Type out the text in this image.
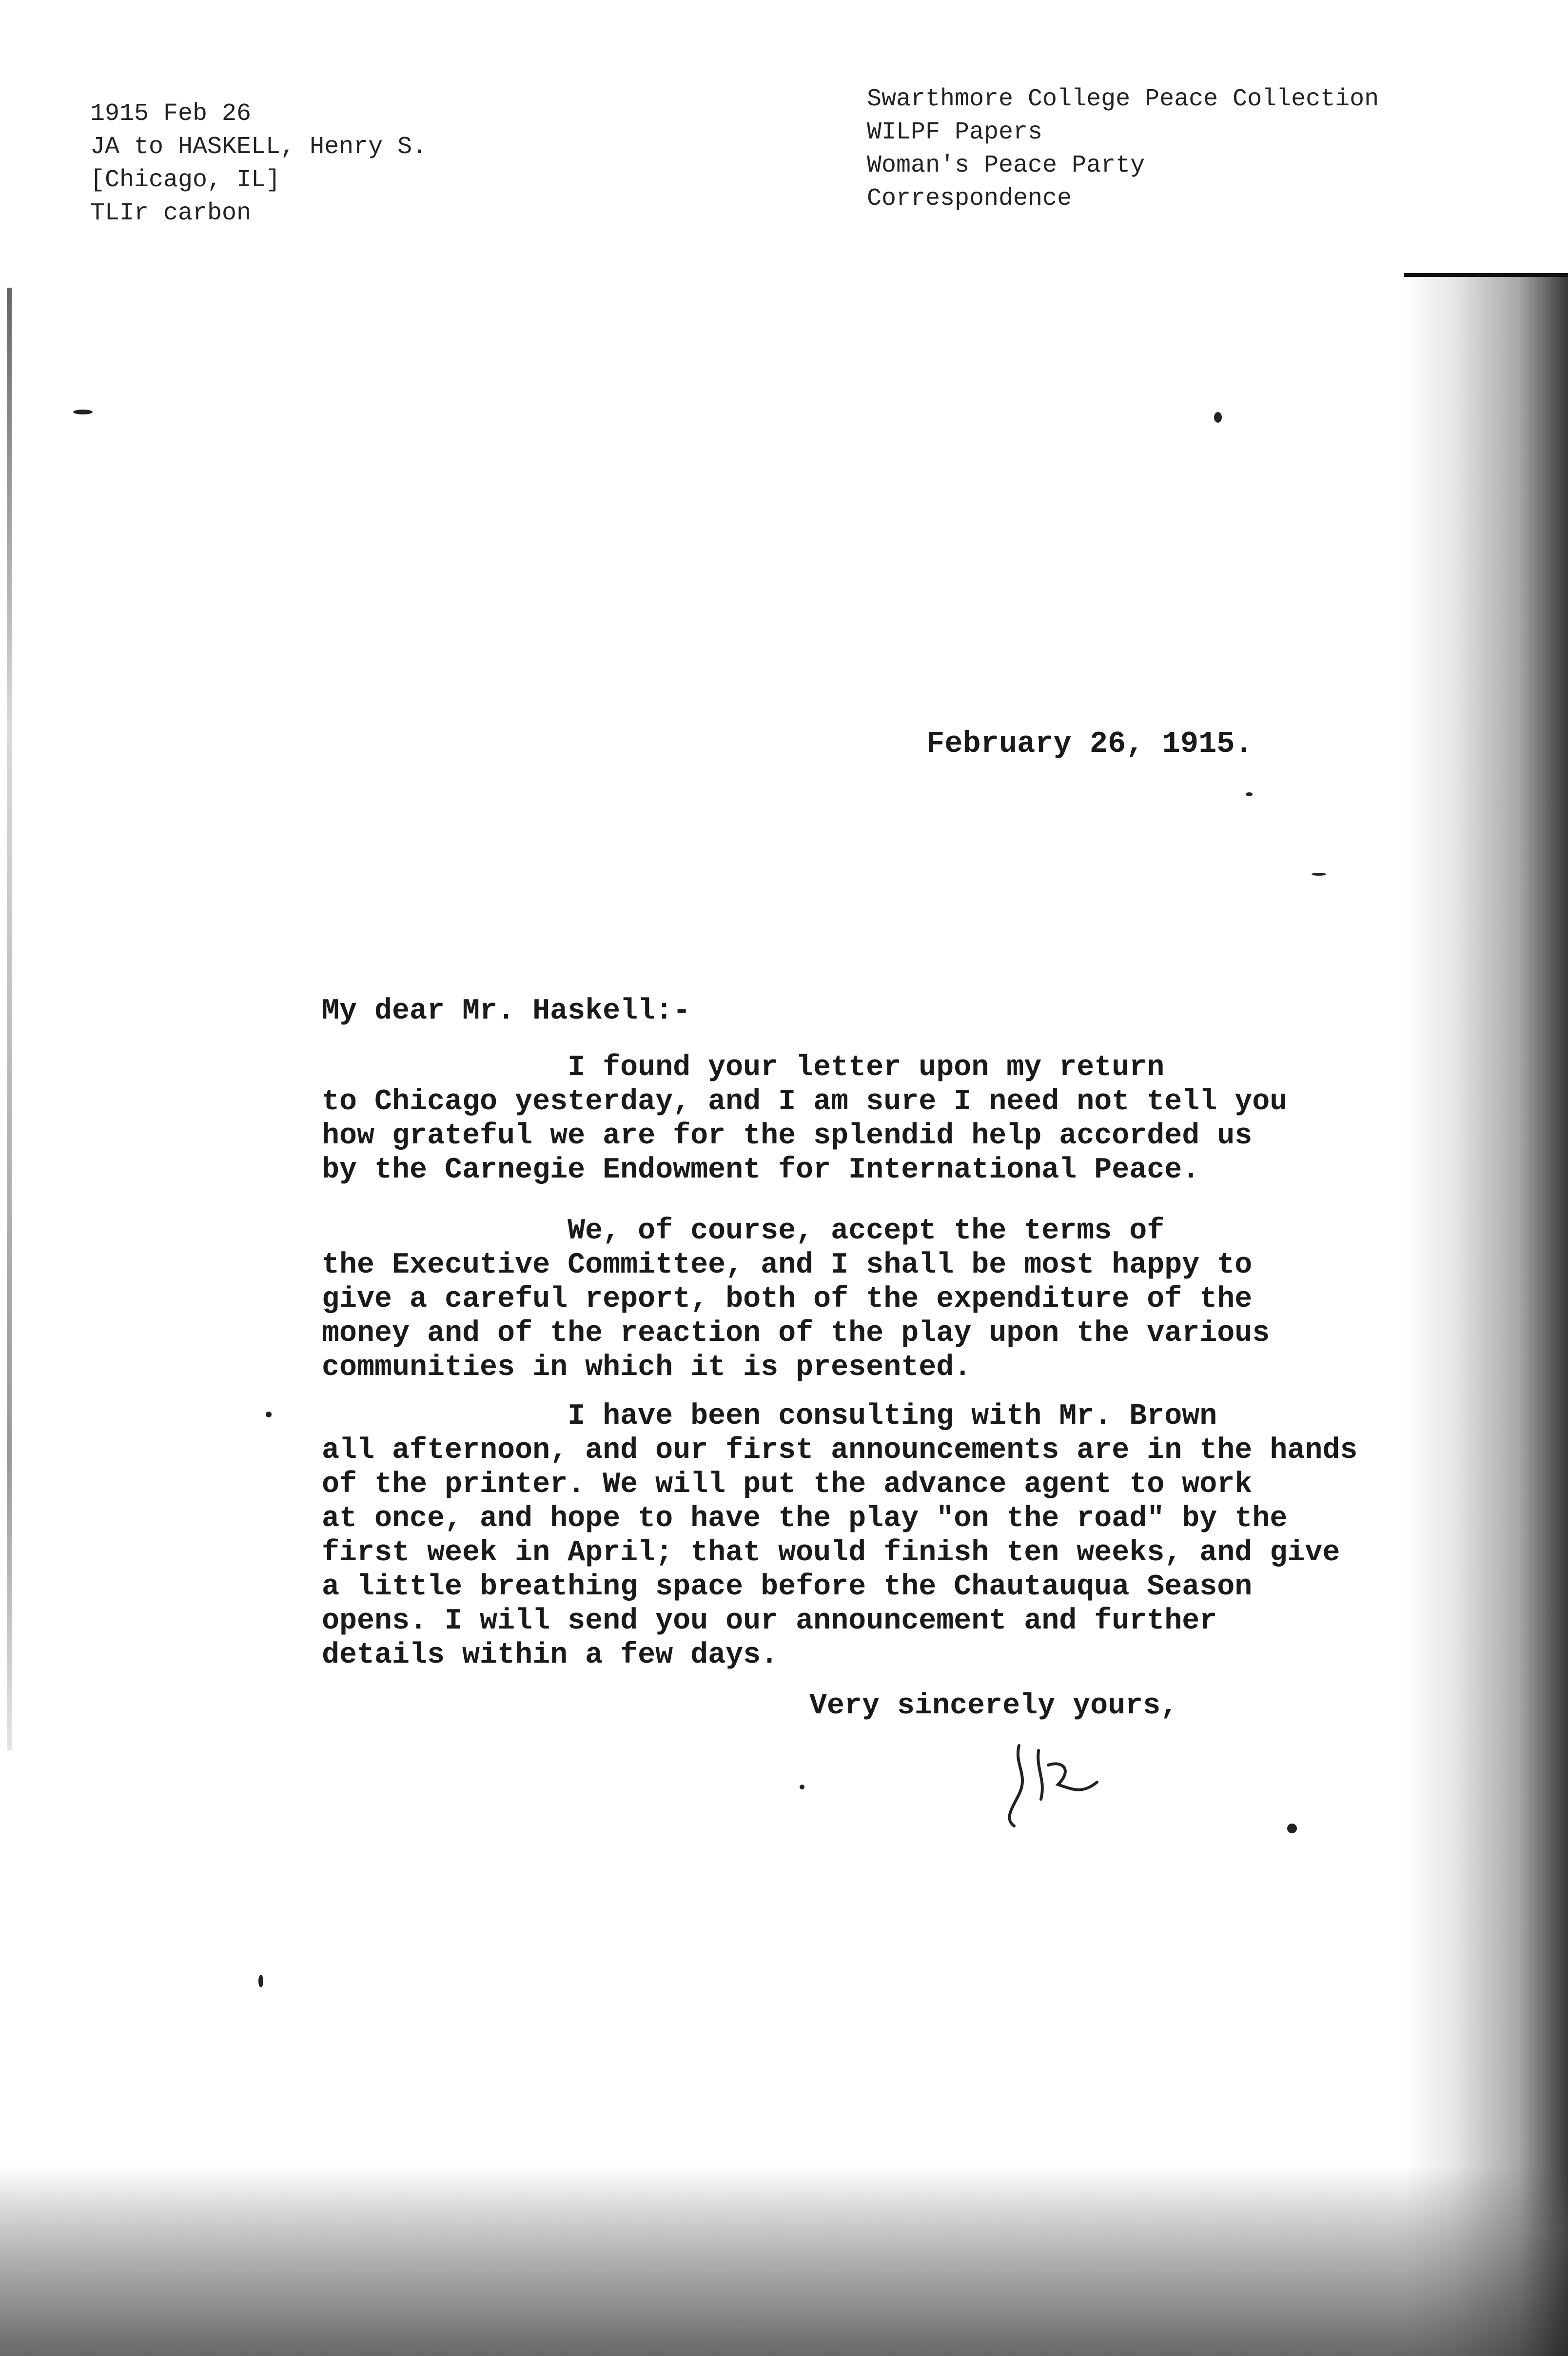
1915 Feb 26
JA to HASKELL, Henry S.
[Chicago, IL]
TLIr carbon
Swarthmore College Peace Collection
WILPF Papers
Woman's Peace Party
Correspondence
February 26, 1915.
My dear Mr. Haskell:-
I found your letter upon my return
to Chicago yesterday, and I am sure I need not tell you
how grateful we are for the splendid help accorded us
by the Carnegie Endowment for International Peace.
We, of course, accept the terms of
the Executive Committee, and I shall be most happy to
give a careful report, both of the expenditure of the
money and of the reaction of the play upon the various
communities in which it is presented.
I have been consulting with Mr. Brown
all afternoon, and our first announcements are in the hands
of the printer. We will put the advance agent to work
at once, and hope to have the play "on the road" by the
first week in April; that would finish ten weeks, and give
a little breathing space before the Chautauqua Season
opens. I will send you our announcement and further
details within a few days.
Very sincerely yours,
